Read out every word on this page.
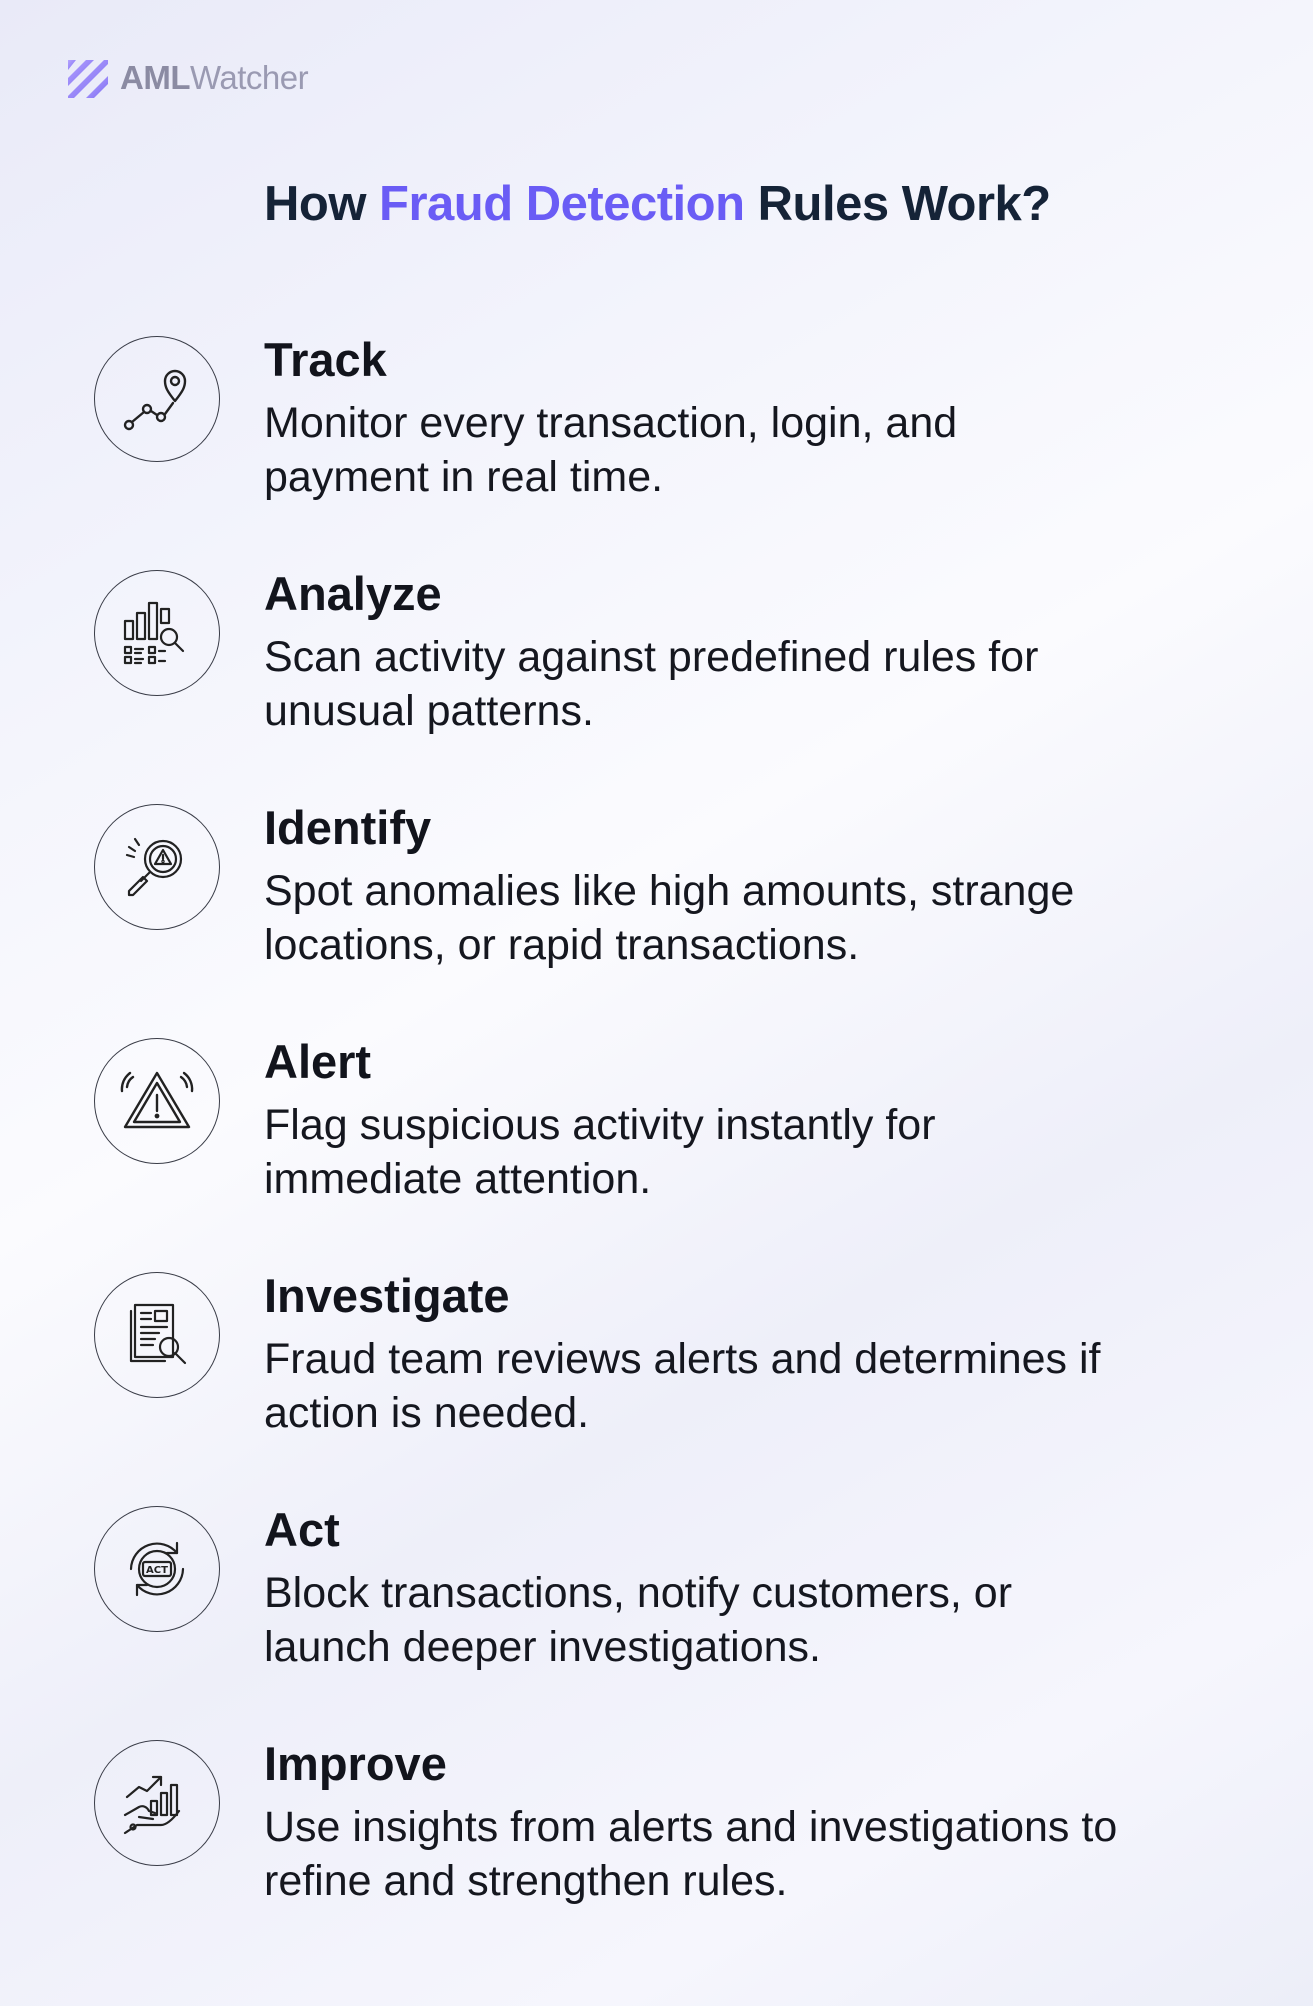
AMLWatcher
How Fraud Detection Rules Work?
Track
Monitor every transaction, login, and
payment in real time.
Analyze
Scan activity against predefined rules for
unusual patterns.
Identify
Spot anomalies like high amounts, strange
locations, or rapid transactions.
Alert
Flag suspicious activity instantly for
immediate attention.
Investigate
Fraud team reviews alerts and determines if
action is needed.
ACT
Act
Block transactions, notify customers, or
launch deeper investigations.
Improve
Use insights from alerts and investigations to
refine and strengthen rules.
